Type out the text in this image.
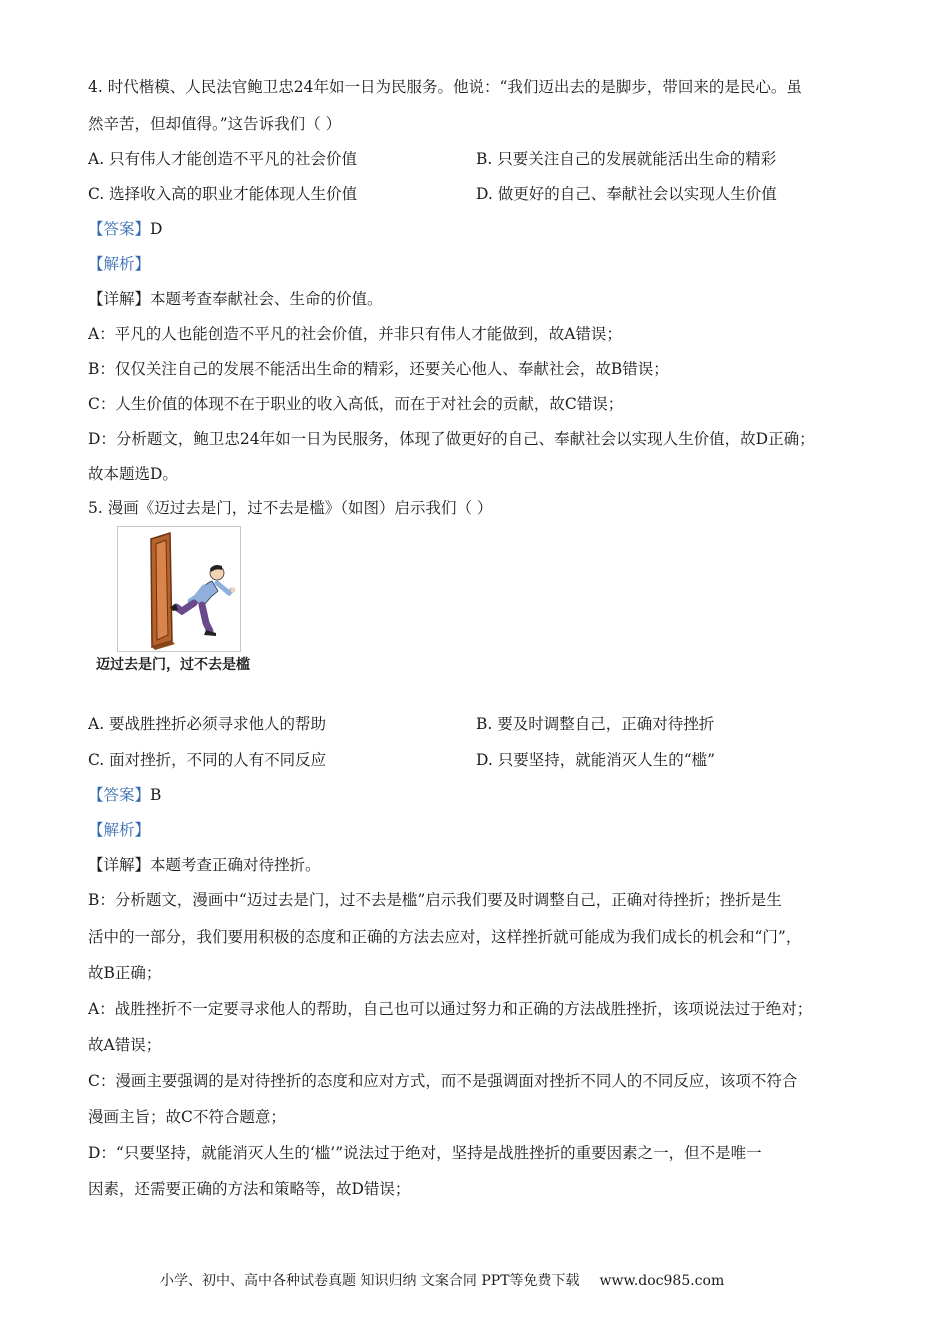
4. 时代楷模、人民法官鲍卫忠24年如一日为民服务。他说：“我们迈出去的是脚步，带回来的是民心。虽
然辛苦，但却值得。”这告诉我们（ ）
A. 只有伟人才能创造不平凡的社会价值	B. 只要关注自己的发展就能活出生命的精彩
C. 选择收入高的职业才能体现人生价值	D. 做更好的自己、奉献社会以实现人生价值
【答案】D
【解析】
【详解】本题考查奉献社会、生命的价值。
A：平凡的人也能创造不平凡的社会价值，并非只有伟人才能做到，故A错误；
B：仅仅关注自己的发展不能活出生命的精彩，还要关心他人、奉献社会，故B错误；
C：人生价值的体现不在于职业的收入高低，而在于对社会的贡献，故C错误；
D：分析题文，鲍卫忠24年如一日为民服务，体现了做更好的自己、奉献社会以实现人生价值，故D正确；
故本题选D。
5. 漫画《迈过去是门，过不去是槛》（如图）启示我们（ ）
迈过去是门，过不去是槛
A. 要战胜挫折必须寻求他人的帮助	B. 要及时调整自己，正确对待挫折
C. 面对挫折，不同的人有不同反应	D. 只要坚持，就能消灭人生的“槛”
【答案】B
【解析】
【详解】本题考查正确对待挫折。
B：分析题文，漫画中“迈过去是门，过不去是槛”启示我们要及时调整自己，正确对待挫折；挫折是生
活中的一部分，我们要用积极的态度和正确的方法去应对，这样挫折就可能成为我们成长的机会和“门”，
故B正确；
A：战胜挫折不一定要寻求他人的帮助，自己也可以通过努力和正确的方法战胜挫折，该项说法过于绝对；
故A错误；
C：漫画主要强调的是对待挫折的态度和应对方式，而不是强调面对挫折不同人的不同反应，该项不符合
漫画主旨；故C不符合题意；
D：“只要坚持，就能消灭人生的‘槛’”说法过于绝对，坚持是战胜挫折的重要因素之一，但不是唯一
因素，还需要正确的方法和策略等，故D错误；
小学、初中、高中各种试卷真题 知识归纳 文案合同 PPT等免费下载 www.doc985.com
